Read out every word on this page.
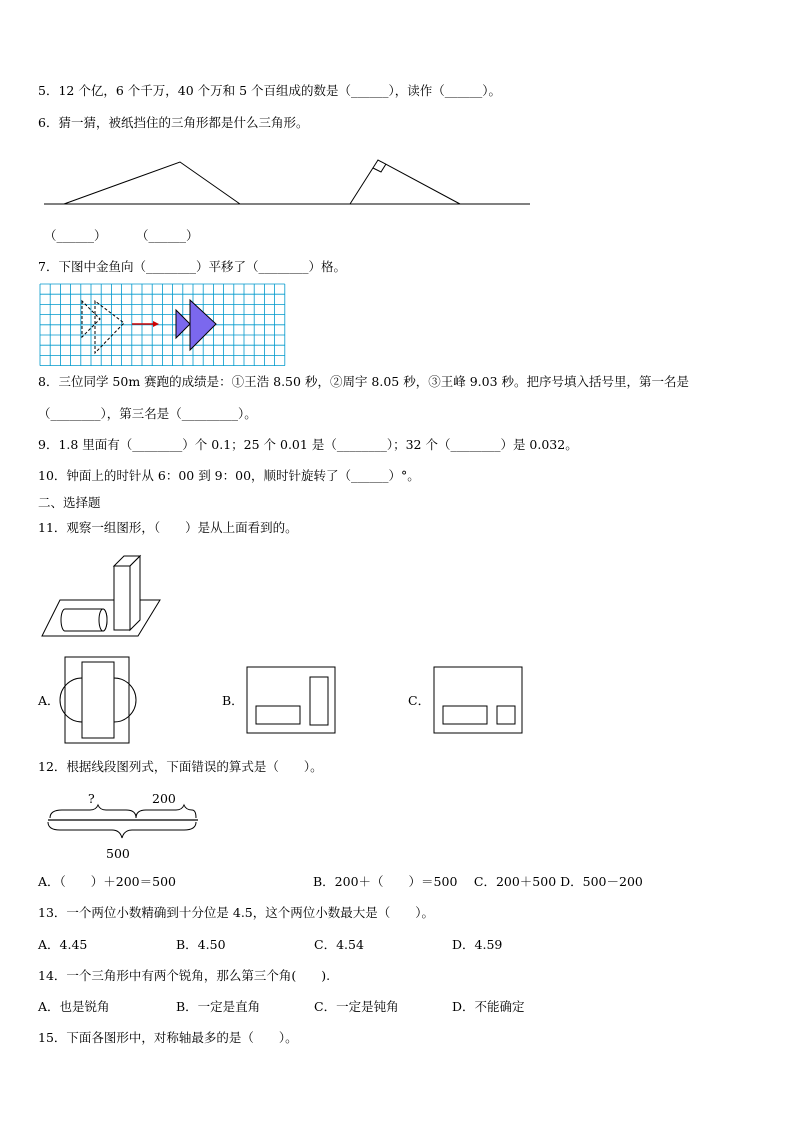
5．12 个亿，6 个千万，40 个万和 5 个百组成的数是（______），读作（______）。
6．猜一猜，被纸挡住的三角形都是什么三角形。
（______） （______）
7．下图中金鱼向（________）平移了（________）格。
8．三位同学 50m 赛跑的成绩是：①王浩 8.50 秒，②周宇 8.05 秒，③王峰 9.03 秒。把序号填入括号里，第一名是
（________），第三名是（_________）。
9．1.8 里面有（________）个 0.1；25 个 0.01 是（________）；32 个（________）是 0.032。
10．钟面上的时针从 6：00 到 9：00，顺时针旋转了（______）°。
二、选择题
11．观察一组图形，（　　）是从上面看到的。
A．	B．	C．
12．根据线段图列式，下面错误的算式是（　　）。
?	200
500
A．（　　）＋200＝500	B．200＋（　　）＝500　 C．200＋500 D．500－200
13．一个两位小数精确到十分位是 4.5，这个两位小数最大是（　　）。
A．4.45	B．4.50	C．4.54	D．4.59
14．一个三角形中有两个锐角，那么第三个角(　　).
A．也是锐角	B．一定是直角	C．一定是钝角	D．不能确定
15．下面各图形中，对称轴最多的是（　　）。
